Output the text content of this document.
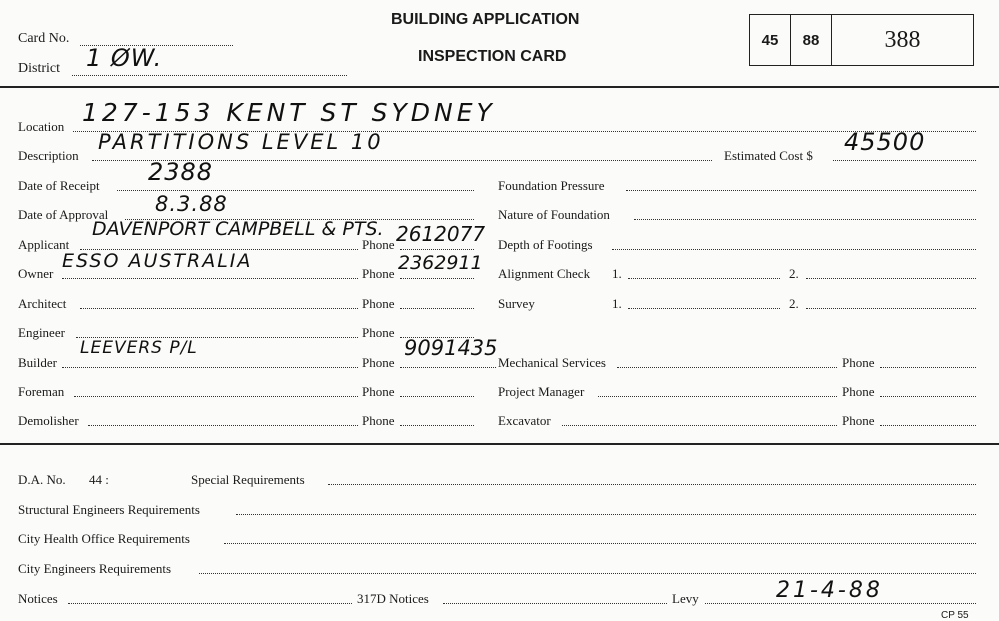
Card No.
District 1 ØW.
BUILDING APPLICATION
INSPECTION CARD
45	88	388
Location 127-153 KENT ST SYDNEY
Description
PARTITIONS LEVEL 10
Estimated Cost $ 45500
Date of Receipt 2388
Date of Approval 8.3.88
Applicant	Phone
DAVENPORT CAMPBELL & PTS. 2612077
Owner	Phone
ESSO AUSTRALIA	2362911
Architect	Phone
Engineer	Phone
Builder	Phone
LEEVERS P/L	9091435
Foreman	Phone
Demolisher	Phone
Foundation Pressure
Nature of Foundation
Depth of Footings
Alignment Check 1.	2.
Survey	1.	2.
Mechanical Services	Phone
Project Manager	Phone
Excavator	Phone
D.A. No. 44 :	Special Requirements
Structural Engineers Requirements
City Health Office Requirements
City Engineers Requirements
Notices	317D Notices	Levy	21-4-88
CP 55
